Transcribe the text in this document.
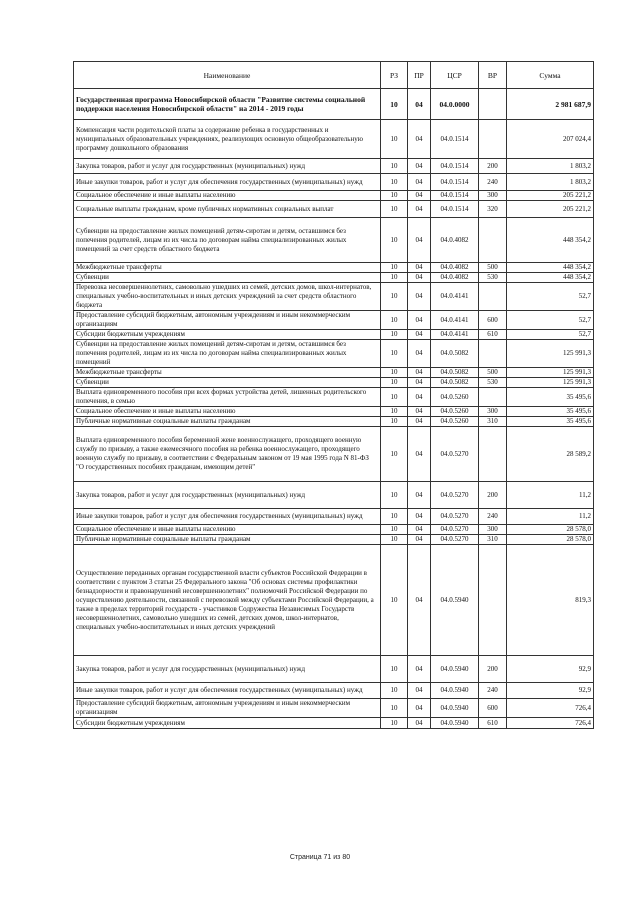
Наименование	РЗ	ПР	ЦСР	ВР	Сумма
Государственная программа Новосибирской области "Развитие системы социальной поддержки населения Новосибирской области" на 2014 - 2019 годы	10	04	04.0.0000		2 981 687,9
Компенсация части родительской платы за содержание ребенка в государственных и муниципальных образовательных учреждениях, реализующих основную общеобразовательную программу дошкольного образования	10	04	04.0.1514		207 024,4
Закупка товаров, работ и услуг для государственных (муниципальных) нужд	10	04	04.0.1514	200	1 803,2
Иные закупки товаров, работ и услуг для обеспечения государственных (муниципальных) нужд	10	04	04.0.1514	240	1 803,2
Социальное обеспечение и иные выплаты населению	10	04	04.0.1514	300	205 221,2
Социальные выплаты гражданам, кроме публичных нормативных социальных выплат	10	04	04.0.1514	320	205 221,2
Субвенции на предоставление жилых помещений детям-сиротам и детям, оставшимся без попечения родителей, лицам из их числа по договорам найма специализированных жилых помещений за счет средств областного бюджета	10	04	04.0.4082		448 354,2
Межбюджетные трансферты	10	04	04.0.4082	500	448 354,2
Субвенции	10	04	04.0.4082	530	448 354,2
Перевозка несовершеннолетних, самовольно ушедших из семей, детских домов, школ-интернатов, специальных учебно-воспитательных и иных детских учреждений за счет средств областного бюджета	10	04	04.0.4141		52,7
Предоставление субсидий бюджетным, автономным учреждениям и иным некоммерческим организациям	10	04	04.0.4141	600	52,7
Субсидии бюджетным учреждениям	10	04	04.0.4141	610	52,7
Субвенции на предоставление жилых помещений детям-сиротам и детям, оставшимся без попечения родителей, лицам из их числа по договорам найма специализированных жилых помещений	10	04	04.0.5082		125 991,3
Межбюджетные трансферты	10	04	04.0.5082	500	125 991,3
Субвенции	10	04	04.0.5082	530	125 991,3
Выплата единовременного пособия при всех формах устройства детей, лишенных родительского попечения, в семью	10	04	04.0.5260		35 495,6
Социальное обеспечение и иные выплаты населению	10	04	04.0.5260	300	35 495,6
Публичные нормативные социальные выплаты гражданам	10	04	04.0.5260	310	35 495,6
Выплата единовременного пособия беременной жене военнослужащего, проходящего военную службу по призыву, а также ежемесячного пособия на ребенка военнослужащего, проходящего военную службу по призыву, в соответствии с Федеральным законом от 19 мая 1995 года N 81-ФЗ "О государственных пособиях гражданам, имеющим детей"	10	04	04.0.5270		28 589,2
Закупка товаров, работ и услуг для государственных (муниципальных) нужд	10	04	04.0.5270	200	11,2
Иные закупки товаров, работ и услуг для обеспечения государственных (муниципальных) нужд	10	04	04.0.5270	240	11,2
Социальное обеспечение и иные выплаты населению	10	04	04.0.5270	300	28 578,0
Публичные нормативные социальные выплаты гражданам	10	04	04.0.5270	310	28 578,0
Осуществление переданных органам государственной власти субъектов Российской Федерации в соответствии с пунктом 3 статьи 25 Федерального закона "Об основах системы профилактики безнадзорности и правонарушений несовершеннолетних" полномочий Российской Федерации по осуществлению деятельности, связанной с перевозкой между субъектами Российской Федерации, а также в пределах территорий государств - участников Содружества Независимых Государств несовершеннолетних, самовольно ушедших из семей, детских домов, школ-интернатов, специальных учебно-воспитательных и иных детских учреждений	10	04	04.0.5940		819,3
Закупка товаров, работ и услуг для государственных (муниципальных) нужд	10	04	04.0.5940	200	92,9
Иные закупки товаров, работ и услуг для обеспечения государственных (муниципальных) нужд	10	04	04.0.5940	240	92,9
Предоставление субсидий бюджетным, автономным учреждениям и иным некоммерческим организациям	10	04	04.0.5940	600	726,4
Субсидии бюджетным учреждениям	10	04	04.0.5940	610	726,4
Страница 71 из 80
